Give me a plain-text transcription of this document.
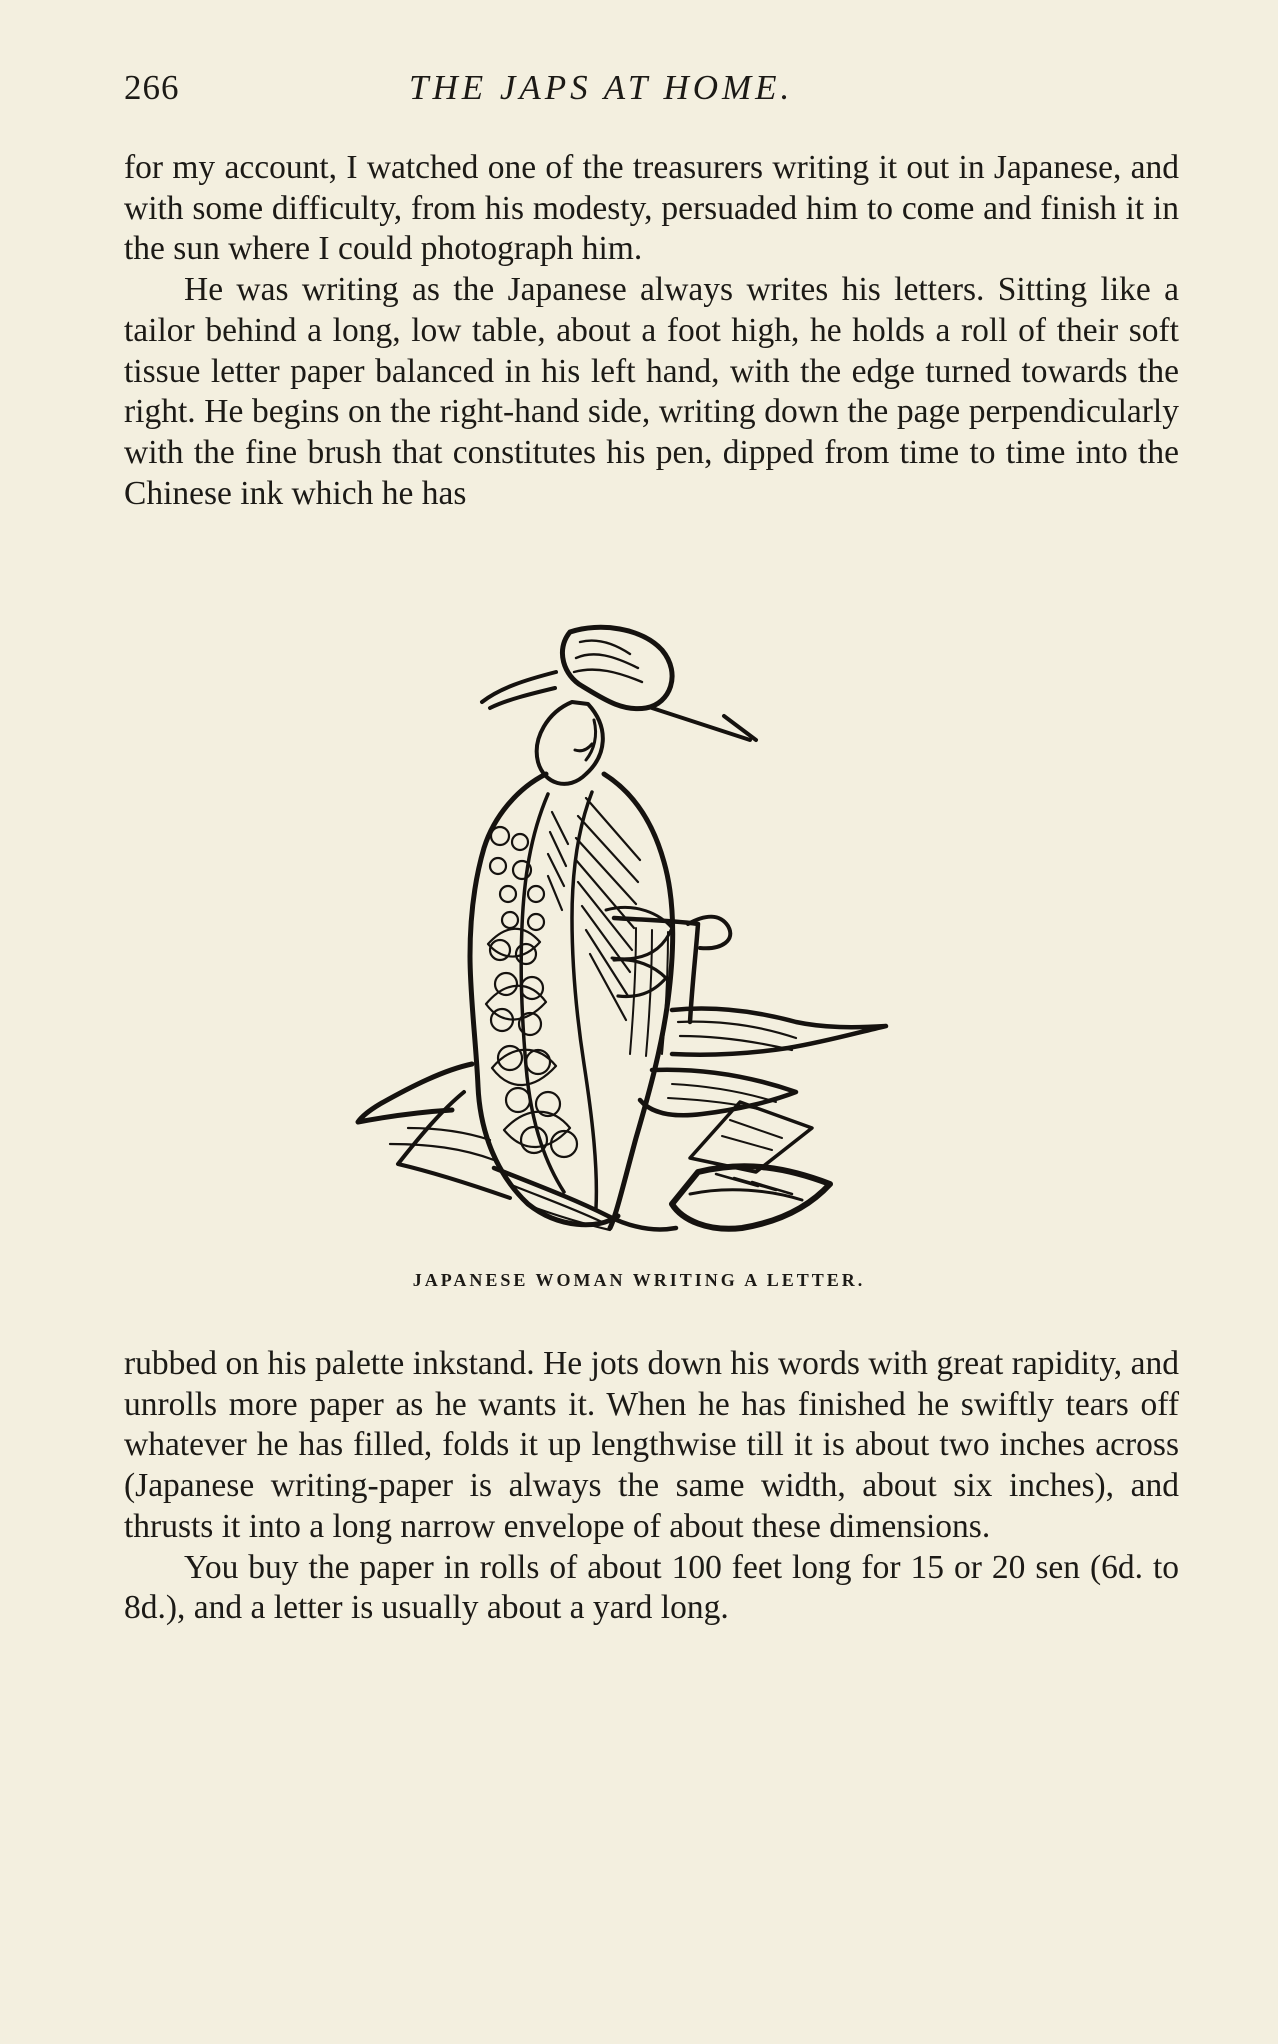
266	THE JAPS AT HOME.

for my account, I watched one of the treasurers writing it out in Japanese, and with some difficulty, from his modesty, persuaded him to come and finish it in the sun where I could photograph him.

He was writing as the Japanese always writes his letters. Sitting like a tailor behind a long, low table, about a foot high, he holds a roll of their soft tissue letter paper balanced in his left hand, with the edge turned towards the right. He begins on the right-hand side, writing down the page perpendicularly with the fine brush that constitutes his pen, dipped from time to time into the Chinese ink which he has

JAPANESE WOMAN WRITING A LETTER.

rubbed on his palette inkstand. He jots down his words with great rapidity, and unrolls more paper as he wants it. When he has finished he swiftly tears off whatever he has filled, folds it up lengthwise till it is about two inches across (Japanese writing-paper is always the same width, about six inches), and thrusts it into a long narrow envelope of about these dimensions.

You buy the paper in rolls of about 100 feet long for 15 or 20 sen (6d. to 8d.), and a letter is usually about a yard long.
